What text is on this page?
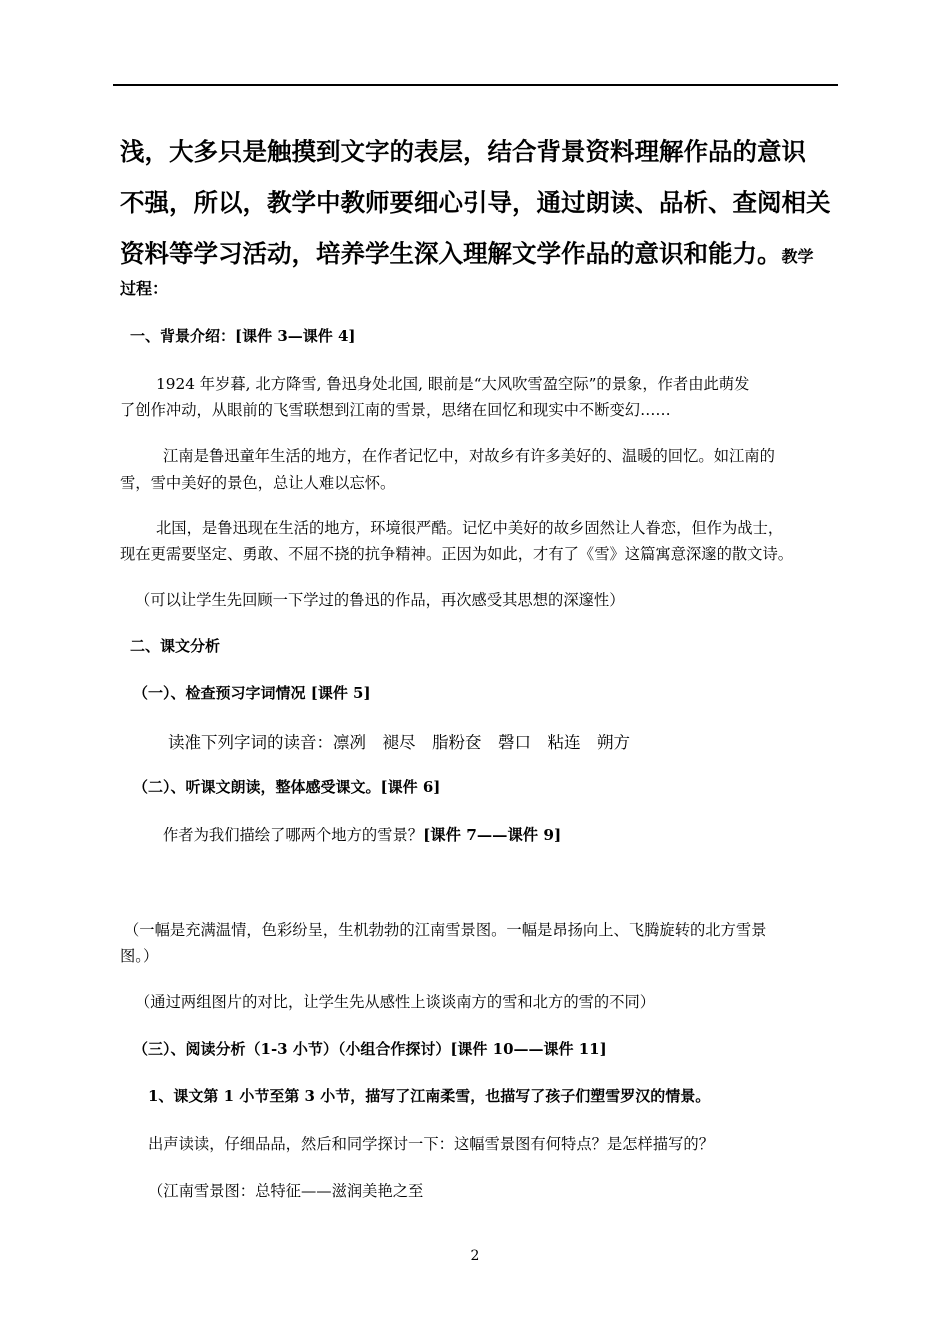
浅，大多只是触摸到文字的表层，结合背景资料理解作品的意识
不强，所以，教学中教师要细心引导，通过朗读、品析、查阅相关
资料等学习活动，培养学生深入理解文学作品的意识和能力。教学
过程：
一、背景介绍：[课件 3—课件 4]
1924 年岁暮, 北方降雪, 鲁迅身处北国, 眼前是“大风吹雪盈空际”的景象，作者由此萌发
了创作冲动，从眼前的飞雪联想到江南的雪景，思绪在回忆和现实中不断变幻……
江南是鲁迅童年生活的地方，在作者记忆中，对故乡有许多美好的、温暖的回忆。如江南的
雪，雪中美好的景色，总让人难以忘怀。
北国，是鲁迅现在生活的地方，环境很严酷。记忆中美好的故乡固然让人眷恋，但作为战士，
现在更需要坚定、勇敢、不屈不挠的抗争精神。正因为如此，才有了《雪》这篇寓意深邃的散文诗。
（可以让学生先回顾一下学过的鲁迅的作品，再次感受其思想的深邃性）
二、课文分析
（一）、检查预习字词情况 [课件 5]
读准下列字词的读音：凛冽　褪尽　脂粉奁　磬口　粘连　朔方
（二）、听课文朗读，整体感受课文。[课件 6]
作者为我们描绘了哪两个地方的雪景？[课件 7——课件 9]
（一幅是充满温情，色彩纷呈，生机勃勃的江南雪景图。一幅是昂扬向上、飞腾旋转的北方雪景
图。）
（通过两组图片的对比，让学生先从感性上谈谈南方的雪和北方的雪的不同）
（三）、阅读分析（1-3 小节）（小组合作探讨）[课件 10——课件 11]
1、课文第 1 小节至第 3 小节，描写了江南柔雪，也描写了孩子们塑雪罗汉的情景。
出声读读，仔细品品，然后和同学探讨一下：这幅雪景图有何特点？是怎样描写的？
（江南雪景图：总特征——滋润美艳之至
2
